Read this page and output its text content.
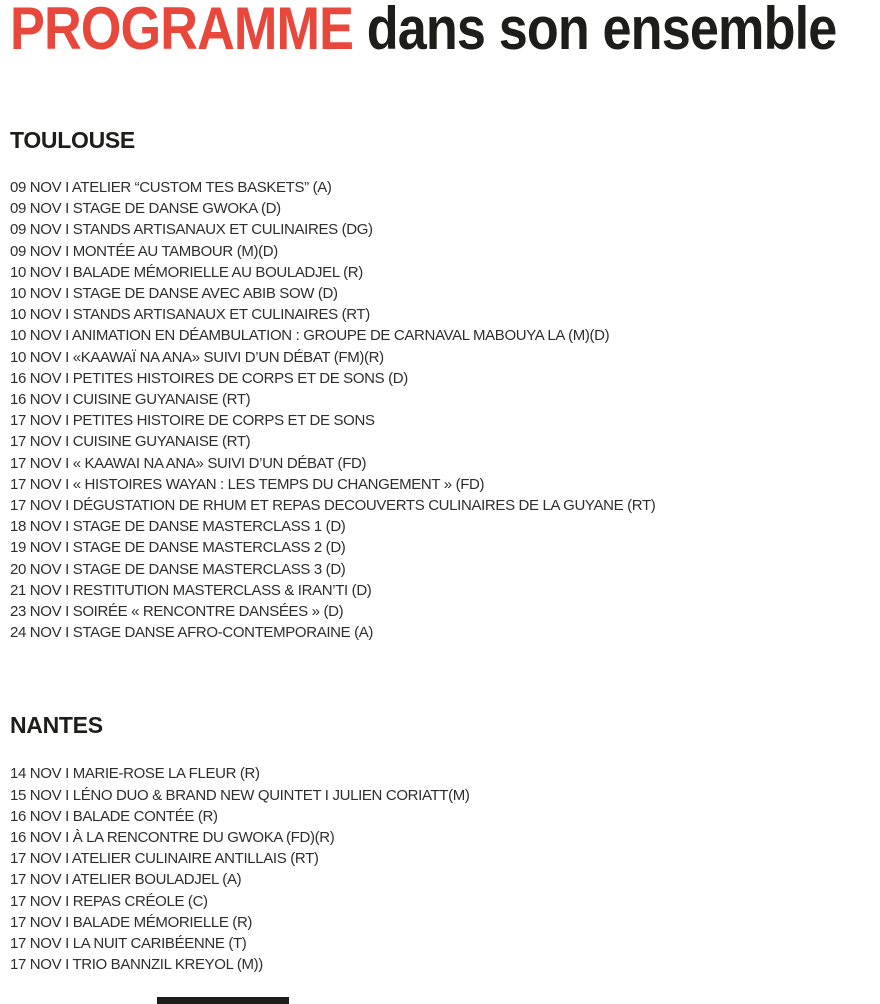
PROGRAMME dans son ensemble
TOULOUSE
09 NOV I ATELIER “CUSTOM TES BASKETS” (A)
09 NOV I STAGE DE DANSE GWOKA (D)
09 NOV I STANDS ARTISANAUX ET CULINAIRES (DG)
09 NOV I MONTÉE AU TAMBOUR (M)(D)
10 NOV I BALADE MÉMORIELLE AU BOULADJEL (R)
10 NOV I STAGE DE DANSE AVEC ABIB SOW (D)
10 NOV I STANDS ARTISANAUX ET CULINAIRES (RT)
10 NOV I ANIMATION EN DÉAMBULATION : GROUPE DE CARNAVAL MABOUYA LA (M)(D)
10 NOV I «KAAWAÏ NA ANA» SUIVI D’UN DÉBAT (FM)(R)
16 NOV I PETITES HISTOIRES DE CORPS ET DE SONS (D)
16 NOV I CUISINE GUYANAISE (RT)
17 NOV I PETITES HISTOIRE DE CORPS ET DE SONS
17 NOV I CUISINE GUYANAISE (RT)
17 NOV I « KAAWAI NA ANA» SUIVI D’UN DÉBAT (FD)
17 NOV I « HISTOIRES WAYAN : LES TEMPS DU CHANGEMENT » (FD)
17 NOV I DÉGUSTATION DE RHUM ET REPAS DECOUVERTS CULINAIRES DE LA GUYANE (RT)
18 NOV I STAGE DE DANSE MASTERCLASS 1 (D)
19 NOV I STAGE DE DANSE MASTERCLASS 2 (D)
20 NOV I STAGE DE DANSE MASTERCLASS 3 (D)
21 NOV I RESTITUTION MASTERCLASS & IRAN’TI (D)
23 NOV I SOIRÉE « RENCONTRE DANSÉES » (D)
24 NOV I STAGE DANSE AFRO-CONTEMPORAINE (A)
NANTES
14 NOV I MARIE-ROSE LA FLEUR (R)
15 NOV I LÉNO DUO & BRAND NEW QUINTET I JULIEN CORIATT(M)
16 NOV I BALADE CONTÉE (R)
16 NOV I À LA RENCONTRE DU GWOKA (FD)(R)
17 NOV I ATELIER CULINAIRE ANTILLAIS (RT)
17 NOV I ATELIER BOULADJEL (A)
17 NOV I REPAS CRÉOLE (C)
17 NOV I BALADE MÉMORIELLE (R)
17 NOV I LA NUIT CARIBÉENNE (T)
17 NOV I TRIO BANNZIL KREYOL (M))
